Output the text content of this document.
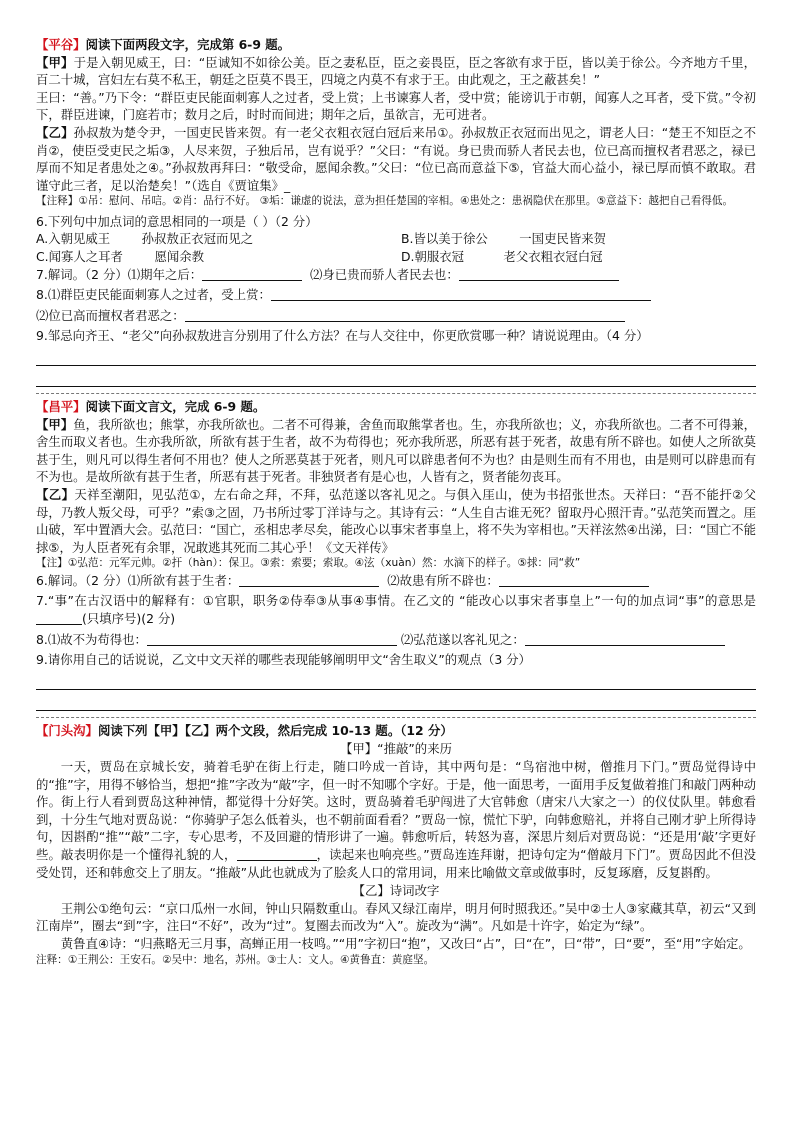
【平谷】阅读下面两段文字，完成第 6-9 题。

【甲】于是入朝见威王，曰：“臣诚知不如徐公美。臣之妻私臣，臣之妾畏臣，臣之客欲有求于臣，皆以美于徐公。今齐地方千里，百二十城，宫妇左右莫不私王，朝廷之臣莫不畏王，四境之内莫不有求于王。由此观之，王之蔽甚矣！”

王曰：“善。”乃下令：“群臣吏民能面刺寡人之过者，受上赏；上书谏寡人者，受中赏；能谤讥于市朝，闻寡人之耳者，受下赏。”令初下，群臣进谏，门庭若市；数月之后，时时而间进；期年之后，虽欲言，无可进者。

【乙】孙叔敖为楚令尹，一国吏民皆来贺。有一老父衣粗衣冠白冠后来吊①。孙叔敖正衣冠而出见之，谓老人曰：“楚王不知臣之不肖②，使臣受吏民之垢③，人尽来贺，子独后吊，岂有说乎？”父曰：“有说。身已贵而骄人者民去也，位已高而擅权者君恶之，禄已厚而不知足者患处之④。”孙叔敖再拜曰：“敬受命，愿闻余教。”父曰：“位已高而意益下⑤，官益大而心益小，禄已厚而慎不敢取。君谨守此三者，足以治楚矣！”（选自《贾谊集》_

【注释】①吊：慰问、吊唁。②肖：品行不好。 ③垢：谦虚的说法，意为担任楚国的宰相。④患处之：患祸隐伏在那里。⑤意益下：越把自己看得低。

6.下列句中加点词的意思相同的一项是（ ）（2 分）

A.入朝见威王        孙叔敖正衣冠而见之	B.皆以美于徐公        一国吏民皆来贺
C.闻寡人之耳者        愿闻余教	D.朝服衣冠          老父衣粗衣冠白冠

7.解词。（2 分）⑴期年之后：	⑵身已贵而骄人者民去也：

8.⑴群臣吏民能面刺寡人之过者，受上赏：

⑵位已高而擅权者君恶之：

9.邹忌向齐王、“老父”向孙叔敖进言分别用了什么方法？在与人交往中，你更欣赏哪一种？请说说理由。（4 分）

【昌平】阅读下面文言文，完成 6-9 题。

【甲】鱼，我所欲也；熊掌，亦我所欲也。二者不可得兼，舍鱼而取熊掌者也。生，亦我所欲也；义，亦我所欲也。二者不可得兼，舍生而取义者也。生亦我所欲，所欲有甚于生者，故不为苟得也；死亦我所恶，所恶有甚于死者，故患有所不辟也。如使人之所欲莫甚于生，则凡可以得生者何不用也？使人之所恶莫甚于死者，则凡可以辟患者何不为也？由是则生而有不用也，由是则可以辟患而有不为也。是故所欲有甚于生者，所恶有甚于死者。非独贤者有是心也，人皆有之，贤者能勿丧耳。

【乙】天祥至潮阳，见弘范①，左右命之拜，不拜，弘范遂以客礼见之。与俱入厓山，使为书招张世杰。天祥曰：“吾不能扞②父母，乃教人叛父母，可乎？”索③之固，乃书所过零丁洋诗与之。其诗有云：“人生自古谁无死？留取丹心照汗青。”弘范笑而置之。厓山破，军中置酒大会。弘范曰：“国亡，丞相忠孝尽矣，能改心以事宋者事皇上，将不失为宰相也。”天祥泫然④出涕，曰：“国亡不能捄⑤，为人臣者死有余罪，况敢逃其死而二其心乎！《文天祥传》

【注】①弘范：元军元帅。②扞（hàn）：保卫。③索：索要；索取。④泫（xuàn）然：水滴下的样子。⑤捄：同“救”

6.解词。（2 分）⑴所欲有甚于生者：	⑵故患有所不辟也：

7.“事”在古汉语中的解释有：①官职，职务②侍奉③从事④事情。在乙文的 “能改心以事宋者事皇上”一句的加点词“事”的意思是(只填序号)(2 分)

8.⑴故不为苟得也：	⑵弘范遂以客礼见之：

9.请你用自己的话说说，乙文中文天祥的哪些表现能够阐明甲文“舍生取义”的观点（3 分）

【门头沟】阅读下列【甲】【乙】两个文段，然后完成 10-13 题。（12 分）

【甲】“推敲”的来历

一天，贾岛在京城长安，骑着毛驴在街上行走，随口吟成一首诗，其中两句是：“鸟宿池中树，僧推月下门。”贾岛觉得诗中的“推”字，用得不够恰当，想把“推”字改为“敲”字，但一时不知哪个字好。于是，他一面思考，一面用手反复做着推门和敲门两种动作。街上行人看到贾岛这种神情，都觉得十分好笑。这时，贾岛骑着毛驴闯进了大官韩愈（唐宋八大家之一）的仪仗队里。韩愈看到，十分生气地对贾岛说：“你骑驴子怎么低着头，也不朝前面看看？”贾岛一惊，慌忙下驴，向韩愈赔礼，并将自己刚才驴上所得诗句，因斟酌“推”“敲”二字，专心思考，不及回避的情形讲了一遍。韩愈听后，转怒为喜，深思片刻后对贾岛说：“还是用‘敲’字更好些。敲表明你是一个懂得礼貌的人，	，读起来也响亮些。”贾岛连连拜谢，把诗句定为“僧敲月下门”。贾岛因此不但没受处罚，还和韩愈交上了朋友。“推敲”从此也就成为了脍炙人口的常用词，用来比喻做文章或做事时，反复琢磨，反复斟酌。

【乙】诗词改字

王荆公①绝句云：“京口瓜州一水间，钟山只隔数重山。春风又绿江南岸，明月何时照我还。”吴中②士人③家藏其草，初云“又到江南岸”，圈去“到”字，注曰“不好”，改为“过”。复圈去而改为“入”。旋改为“满”。凡如是十许字，始定为“绿”。

黄鲁直④诗：“归燕略无三月事，高蝉正用一枝鸣。”“用”字初曰“抱”，又改曰“占”，曰“在”，曰“带”，曰“要”，至“用”字始定。

注释：①王荆公：王安石。②吴中：地名，苏州。③士人：文人。④黄鲁直：黄庭坚。
